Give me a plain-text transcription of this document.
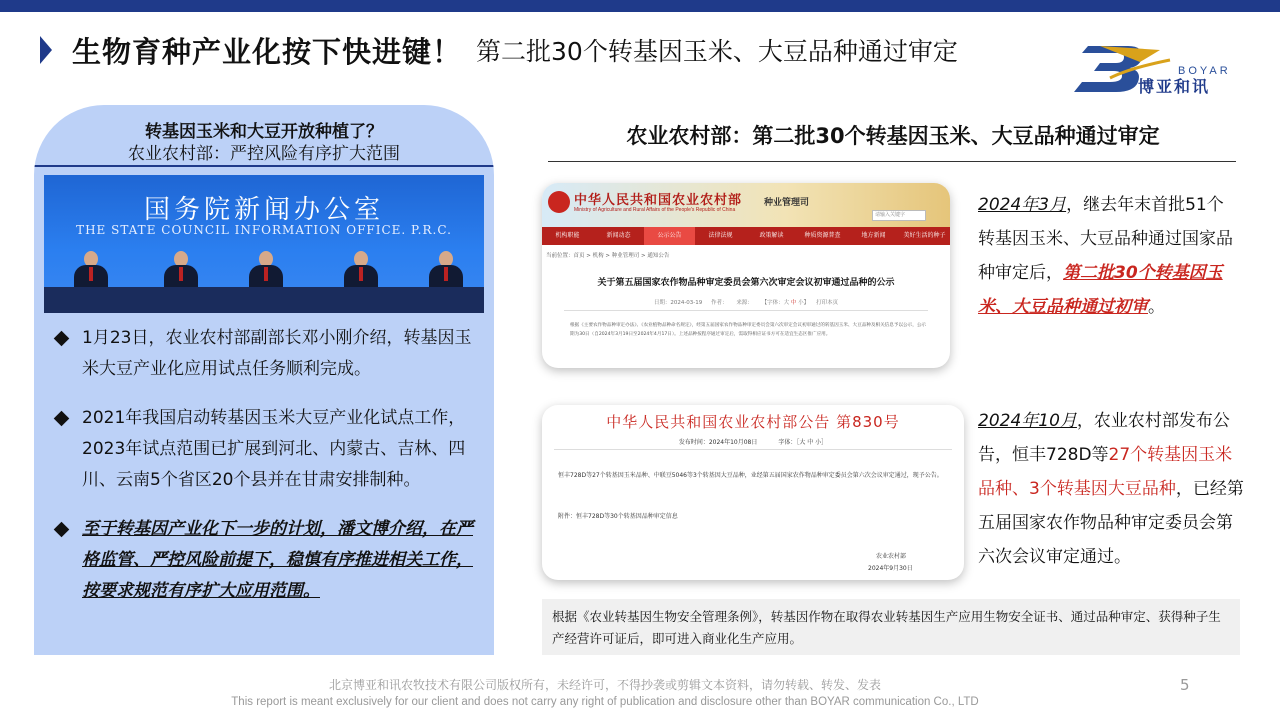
生物育种产业化按下快进键！ 第二批30个转基因玉米、大豆品种通过审定
BOYAR
博亚和讯
转基因玉米和大豆开放种植了？
农业农村部：严控风险有序扩大范围
国务院新闻办公室
THE STATE COUNCIL INFORMATION OFFICE. P.R.C.
1月23日，农业农村部副部长邓小刚介绍，转基因玉米大豆产业化应用试点任务顺利完成。
2021年我国启动转基因玉米大豆产业化试点工作，2023年试点范围已扩展到河北、内蒙古、吉林、四川、云南5个省区20个县并在甘肃安排制种。
至于转基因产业化下一步的计划，潘文博介绍，在严格监管、严控风险前提下，稳慎有序推进相关工作，按要求规范有序扩大应用范围。
农业农村部：第二批30个转基因玉米、大豆品种通过审定
中华人民共和国农业农村部
Ministry of Agriculture and Rural Affairs of the People's Republic of China
种业管理司
请输入关键字
机构职能	新闻动态	公示公告	法律法规	政策解读	种质资源普查	地方新闻	美好生活的种子
当前位置：首页 > 机构 > 种业管理司 > 通知公告
关于第五届国家农作物品种审定委员会第六次审定会议初审通过品种的公示
日期：2024-03-19 作者： 来源： 【字体：大 中 小】 打印本页
根据《主要农作物品种审定办法》、《农业植物品种命名规定》，经第五届国家农作物品种审定委员会第六次审定会议初审通过的转基因玉米、大豆品种及相关信息予以公示，公示期为30日（自2024年3月19日至2024年4月17日）。上述品种按程序通过审定后，需取得相应证书方可在适宜生态区推广应用。
中华人民共和国农业农村部公告 第830号
发布时间：2024年10月08日	字体：［大 中 小］
恒丰728D等27个转基因玉米品种、中联豆5046等3个转基因大豆品种，业经第五届国家农作物品种审定委员会第六次会议审定通过，现予公告。
附件：恒丰728D等30个转基因品种审定信息
农业农村部
2024年9月30日
2024年3月，继去年末首批51个转基因玉米、大豆品种通过国家品种审定后，第二批30个转基因玉米、大豆品种通过初审。
2024年10月，农业农村部发布公告，恒丰728D等27个转基因玉米品种、3个转基因大豆品种，已经第五届国家农作物品种审定委员会第六次会议审定通过。
根据《农业转基因生物安全管理条例》，转基因作物在取得农业转基因生产应用生物安全证书、通过品种审定、获得种子生产经营许可证后，即可进入商业化生产应用。
北京博亚和讯农牧技术有限公司版权所有，未经许可，不得抄袭或剪辑文本资料，请勿转载、转发、发表
This report is meant exclusively for our client and does not carry any right of publication and disclosure other than BOYAR communication Co., LTD
5
